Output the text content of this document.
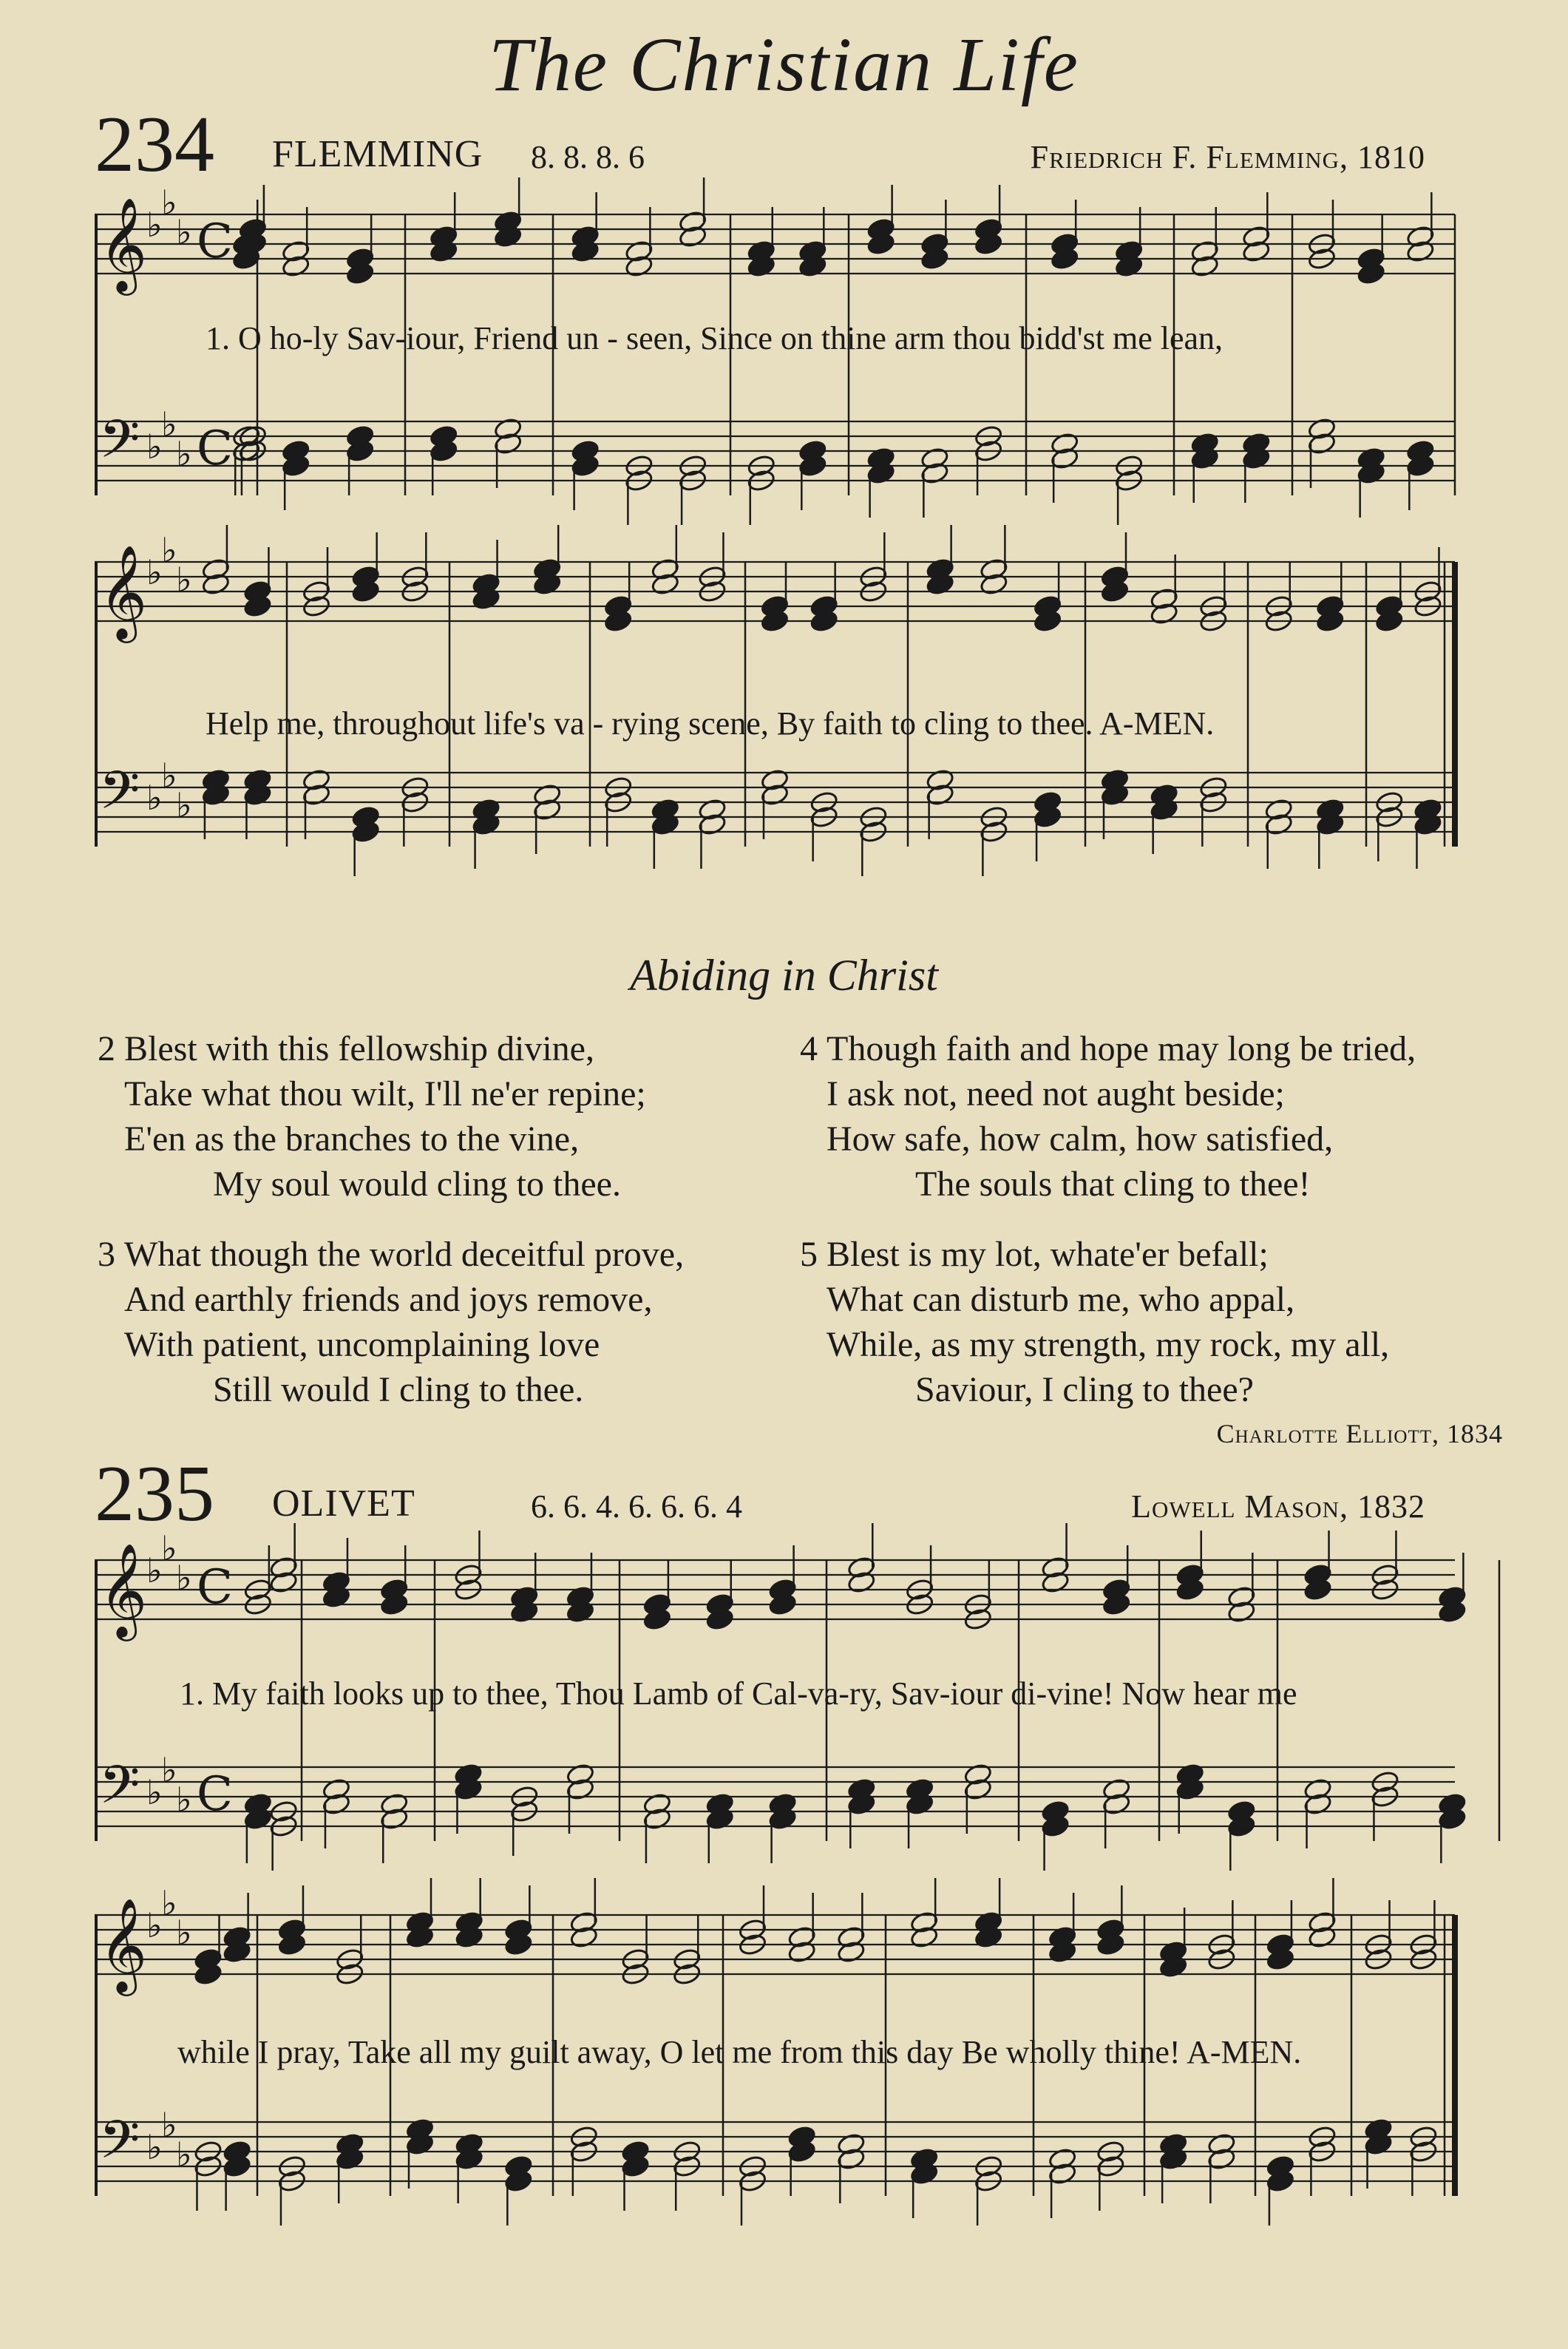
The Christian Life
234 FLEMMING 8. 8. 8. 6	Friedrich F. Flemming, 1810
𝄞
𝄢
♭
♭
♭
♭
♭
♭
C
C
1. O ho-ly Sav-iour, Friend un - seen, Since on thine arm thou bidd'st me lean,
𝄞
𝄢
♭
♭
♭
♭
♭
♭
Help me, throughout life's va - rying scene, By faith to cling to thee. A-MEN.
Abiding in Christ
2 Blest with this fellowship divine,
Take what thou wilt, I'll ne'er repine;
E'en as the branches to the vine,
My soul would cling to thee.
3 What though the world deceitful prove,
And earthly friends and joys remove,
With patient, uncomplaining love
Still would I cling to thee.
4 Though faith and hope may long be tried,
I ask not, need not aught beside;
How safe, how calm, how satisfied,
The souls that cling to thee!
5 Blest is my lot, whate'er befall;
What can disturb me, who appal,
While, as my strength, my rock, my all,
Saviour, I cling to thee?
Charlotte Elliott, 1834
235 OLIVET	6. 6. 4. 6. 6. 6. 4	Lowell Mason, 1832
𝄞
𝄢
♭
♭
♭
♭
♭
♭
C
C
1. My faith looks up to thee, Thou Lamb of Cal-va-ry, Sav-iour di-vine! Now hear me
𝄞
𝄢
♭
♭
♭
♭
♭
♭
while I pray, Take all my guilt away, O let me from this day Be wholly thine! A-MEN.
